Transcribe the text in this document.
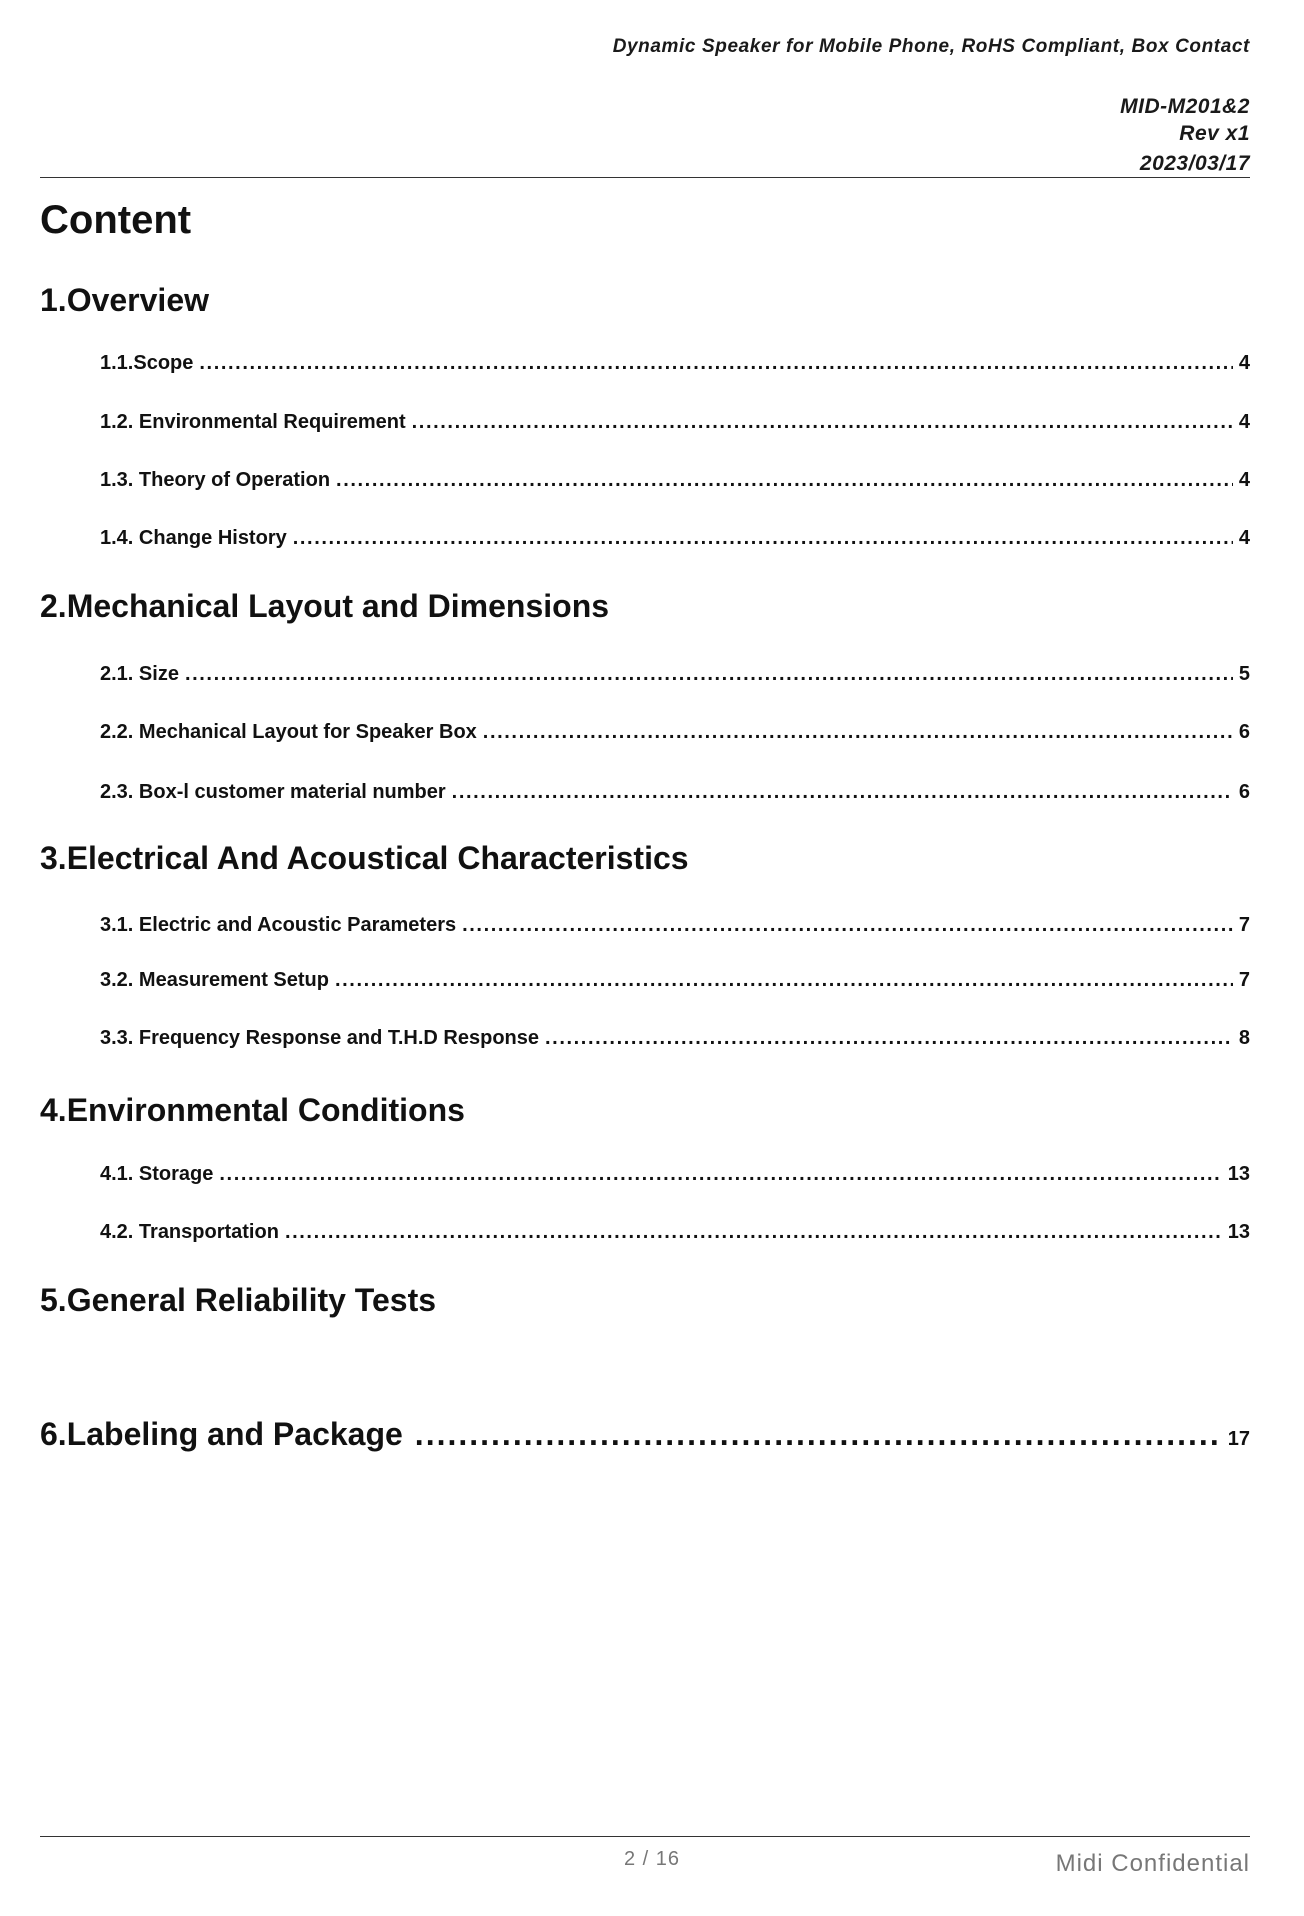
Dynamic Speaker for Mobile Phone, RoHS Compliant, Box Contact
MID-M201&2
Rev x1
2023/03/17
Content
1.Overview
1.1.Scope .....	4
1.2. Environmental Requirement .....	4
1.3. Theory of Operation .....	4
1.4. Change History .....	4
2.Mechanical Layout and Dimensions
2.1. Size .....	5
2.2. Mechanical Layout for Speaker Box .....	6
2.3. Box-l customer material number .....	6
3.Electrical And Acoustical Characteristics
3.1. Electric and Acoustic Parameters .....	7
3.2. Measurement Setup .....	7
3.3. Frequency Response and T.H.D Response .....	8
4.Environmental Conditions
4.1. Storage .....	13
4.2. Transportation .....	13
5.General Reliability Tests
6.Labeling and Package .....	17
2 / 16	Midi Confidential
